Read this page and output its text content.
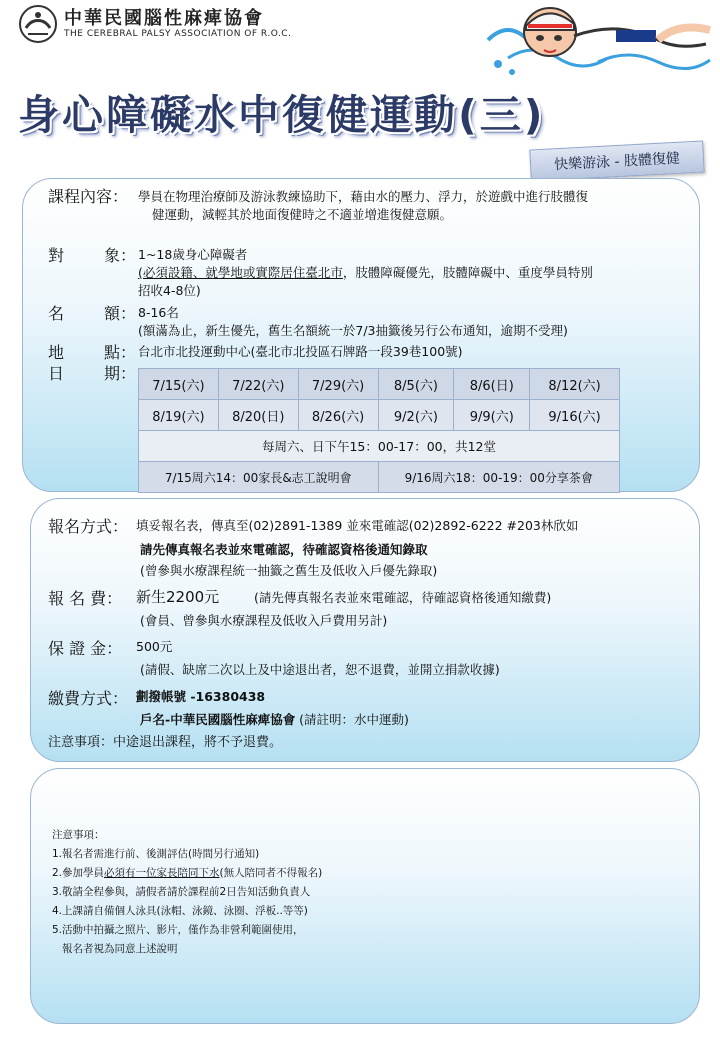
中華民國腦性麻痺協會
THE CEREBRAL PALSY ASSOCIATION OF R.O.C.
身心障礙水中復健運動(三)
快樂游泳 - 肢體復健
課程內容： 學員在物理治療師及游泳教練協助下，藉由水的壓力、浮力，於遊戲中進行肢體復
健運動，減輕其於地面復健時之不適並增進復健意願。
對 象： 1~18歲身心障礙者
(必須設籍、就學地或實際居住臺北市，肢體障礙優先，肢體障礙中、重度學員特別
招收4-8位)
名 額： 8-16名
(額滿為止，新生優先，舊生名額統一於7/3抽籤後另行公布通知，逾期不受理)
地 點： 台北市北投運動中心(臺北市北投區石牌路一段39巷100號)
日 期：
7/15(六)	7/22(六)	7/29(六)	8/5(六)	8/6(日)	8/12(六)
8/19(六)	8/20(日)	8/26(六)	9/2(六)	9/9(六)	9/16(六)
每周六、日下午15：00-17：00，共12堂					
7/15周六14：00家長&志工說明會			9/16周六18：00-19：00分享茶會		
報名方式： 填妥報名表，傳真至(02)2891-1389 並來電確認(02)2892-6222 #203林欣如
請先傳真報名表並來電確認，待確認資格後通知錄取
(曾參與水療課程統一抽籤之舊生及低收入戶優先錄取)
報 名 費： 新生2200元	(請先傳真報名表並來電確認，待確認資格後通知繳費)
(會員、曾參與水療課程及低收入戶費用另計)
保 證 金： 500元
(請假、缺席二次以上及中途退出者，恕不退費，並開立捐款收據)
繳費方式： 劃撥帳號 -16380438
戶名-中華民國腦性麻痺協會 (請註明：水中運動)
注意事項：中途退出課程，將不予退費。
注意事項：
1.報名者需進行前、後測評估(時間另行通知)
2.參加學員必須有一位家長陪同下水(無人陪同者不得報名)
3.敬請全程參與，請假者請於課程前2日告知活動負責人
4.上課請自備個人泳具(泳帽、泳鏡、泳圈、浮板..等等)
5.活動中拍攝之照片、影片，僅作為非營利範圍使用，
報名者視為同意上述說明
